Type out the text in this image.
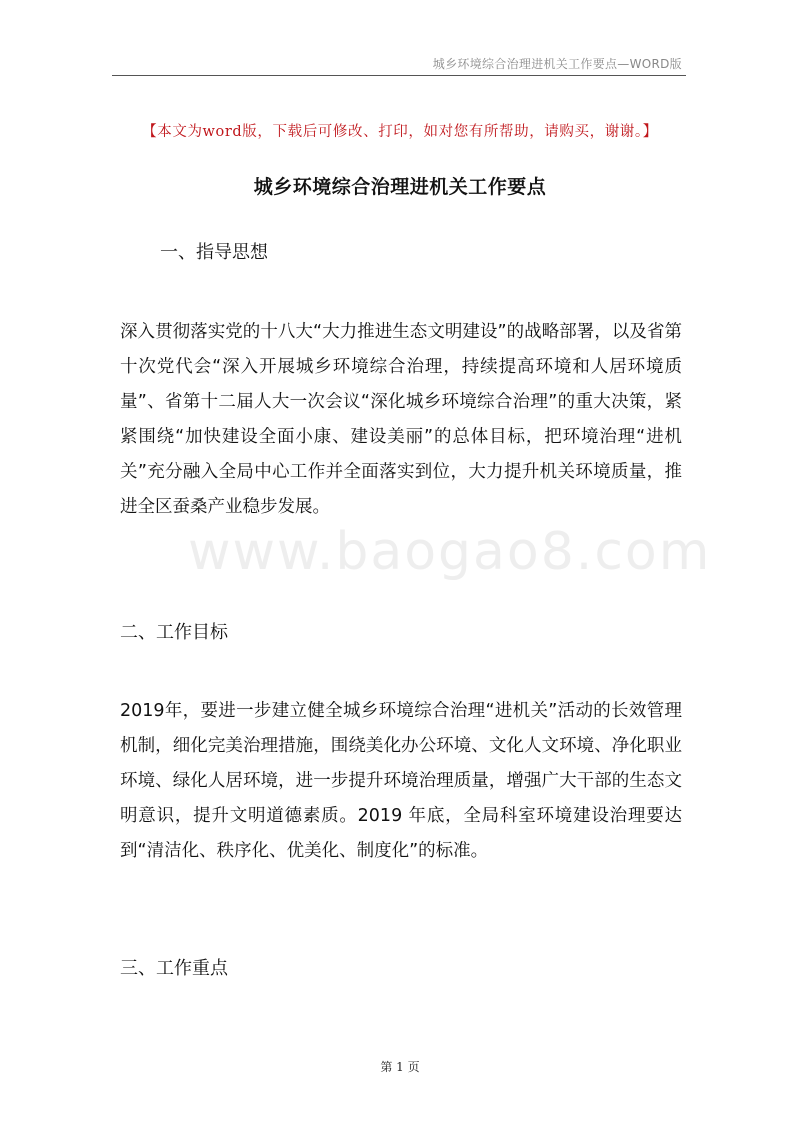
www.baogao8.com
城乡环境综合治理进机关工作要点—WORD版
【本文为word版，下载后可修改、打印，如对您有所帮助，请购买，谢谢。】
城乡环境综合治理进机关工作要点
一、指导思想
深入贯彻落实党的十八大“大力推进生态文明建设”的战略部署，以及省第十次党代会“深入开展城乡环境综合治理，持续提高环境和人居环境质量”、省第十二届人大一次会议“深化城乡环境综合治理”的重大决策，紧紧围绕“加快建设全面小康、建设美丽”的总体目标，把环境治理“进机关”充分融入全局中心工作并全面落实到位，大力提升机关环境质量，推进全区蚕桑产业稳步发展。
二、工作目标
2019年，要进一步建立健全城乡环境综合治理“进机关”活动的长效管理机制，细化完美治理措施，围绕美化办公环境、文化人文环境、净化职业环境、绿化人居环境，进一步提升环境治理质量，增强广大干部的生态文明意识，提升文明道德素质。2019 年底，全局科室环境建设治理要达到“清洁化、秩序化、优美化、制度化”的标准。
三、工作重点
第 1 页
